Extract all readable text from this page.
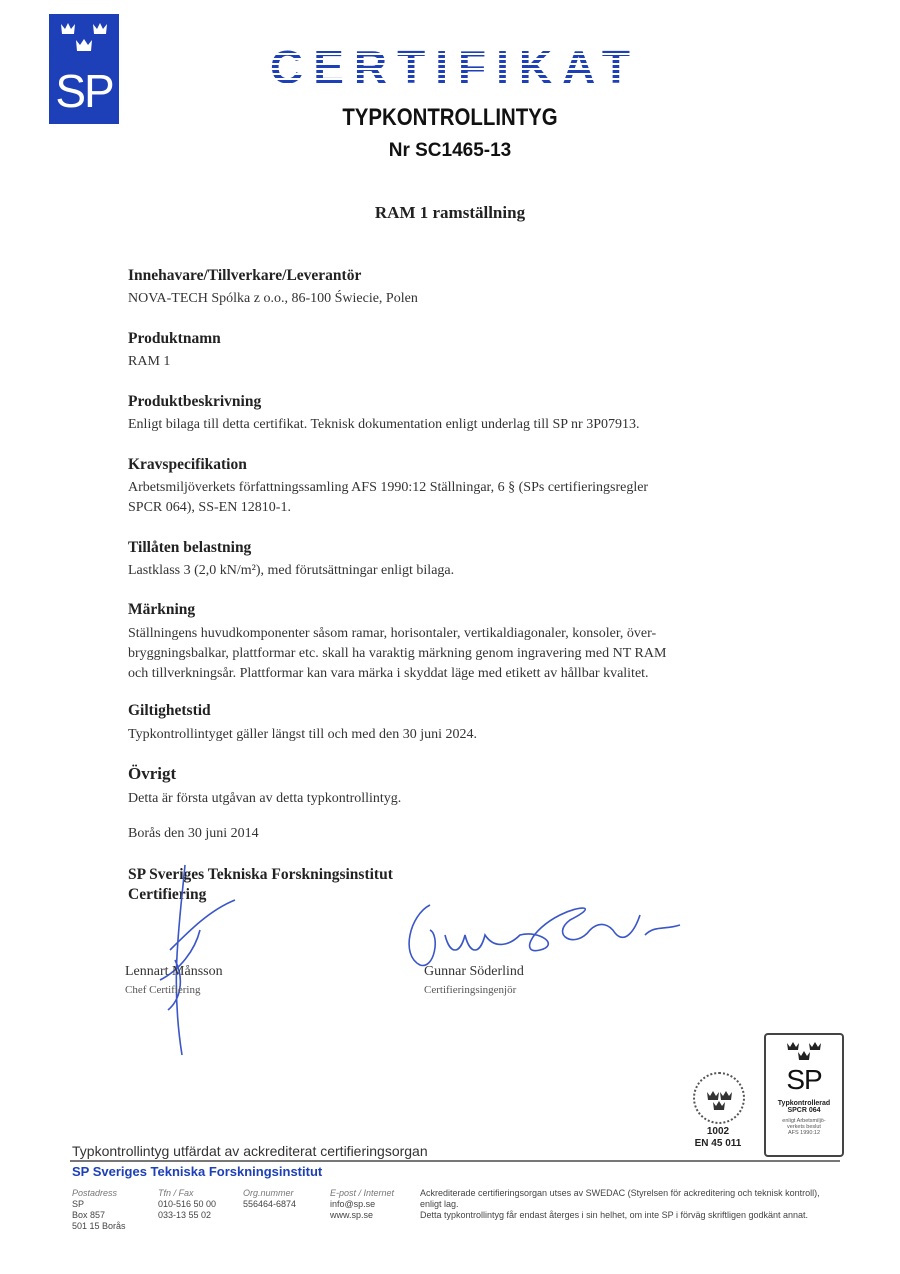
SP	CERTIFIKAT
TYPKONTROLLINTYG
Nr SC1465-13
RAM 1 ramställning
Innehavare/Tillverkare/Leverantör
NOVA-TECH Spólka z o.o., 86-100 Świecie, Polen
Produktnamn
RAM 1
Produktbeskrivning
Enligt bilaga till detta certifikat. Teknisk dokumentation enligt underlag till SP nr 3P07913.
Kravspecifikation
Arbetsmiljöverkets författningssamling AFS 1990:12 Ställningar, 6 § (SPs certifieringsregler
SPCR 064), SS-EN 12810-1.
Tillåten belastning
Lastklass 3 (2,0 kN/m²), med förutsättningar enligt bilaga.
Märkning
Ställningens huvudkomponenter såsom ramar, horisontaler, vertikaldiagonaler, konsoler, över-
bryggningsbalkar, plattformar etc. skall ha varaktig märkning genom ingravering med NT RAM
och tillverkningsår. Plattformar kan vara märka i skyddat läge med etikett av hållbar kvalitet.
Giltighetstid
Typkontrollintyget gäller längst till och med den 30 juni 2024.
Övrigt
Detta är första utgåvan av detta typkontrollintyg.
Borås den 30 juni 2014
SP Sveriges Tekniska Forskningsinstitut
Certifiering
Lennart Månsson
Chef Certifiering
Gunnar Söderlind
Certifieringsingenjör
1002
EN 45 011
SP
Typkontrollerad
SPCR 064
enligt Arbetsmiljö-
verkets beslut
AFS 1990:12
Typkontrollintyg utfärdat av ackrediterat certifieringsorgan
SP Sveriges Tekniska Forskningsinstitut
Postadress
SP
Box 857
501 15 Borås
Tfn / Fax
010-516 50 00
033-13 55 02
Org.nummer
556464-6874
E-post / Internet
info@sp.se
www.sp.se
Ackrediterade certifieringsorgan utses av SWEDAC (Styrelsen för ackreditering och teknisk kontroll), enligt lag.
Detta typkontrollintyg får endast återges i sin helhet, om inte SP i förväg skriftligen godkänt annat.
